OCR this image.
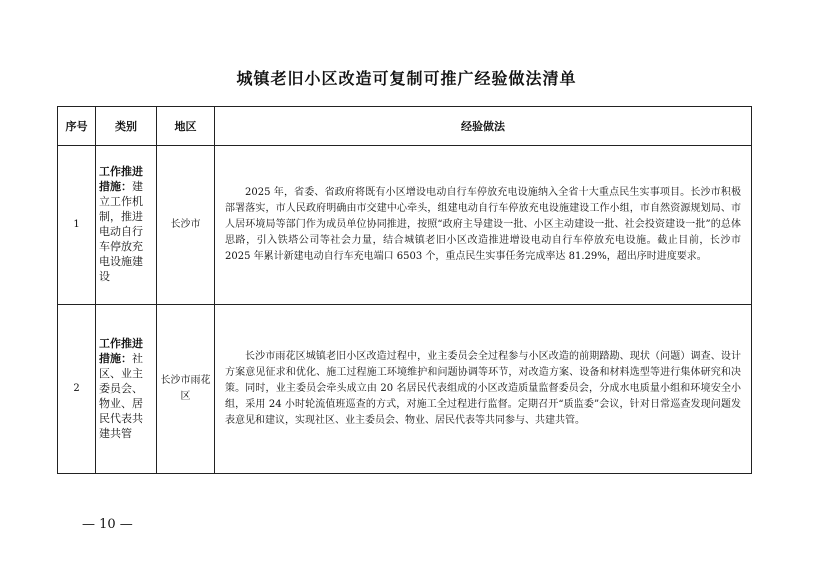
城镇老旧小区改造可复制可推广经验做法清单
序号	类别	地区	经验做法
1	工作推进措施：建立工作机制，推进电动自行车停放充电设施建设	长沙市	2025 年，省委、省政府将既有小区增设电动自行车停放充电设施纳入全省十大重点民生实事项目。长沙市积极部署落实，市人民政府明确由市交建中心牵头，组建电动自行车停放充电设施建设工作小组，市自然资源规划局、市人居环境局等部门作为成员单位协同推进，按照“政府主导建设一批、小区主动建设一批、社会投资建设一批”的总体思路，引入铁塔公司等社会力量，结合城镇老旧小区改造推进增设电动自行车停放充电设施。截止目前，长沙市 2025 年累计新建电动自行车充电端口 6503 个，重点民生实事任务完成率达 81.29%，超出序时进度要求。

2	工作推进措施：社区、业主委员会、物业、居民代表共建共管	长沙市雨花区	长沙市雨花区城镇老旧小区改造过程中，业主委员会全过程参与小区改造的前期踏勘、现状（问题）调查、设计方案意见征求和优化、施工过程施工环境维护和问题协调等环节，对改造方案、设备和材料选型等进行集体研究和决策。同时，业主委员会牵头成立由 20 名居民代表组成的小区改造质量监督委员会，分成水电质量小组和环境安全小组，采用 24 小时轮流值班巡查的方式，对施工全过程进行监督。定期召开“质监委”会议，针对日常巡查发现问题发表意见和建议，实现社区、业主委员会、物业、居民代表等共同参与、共建共管。

— 10 —
